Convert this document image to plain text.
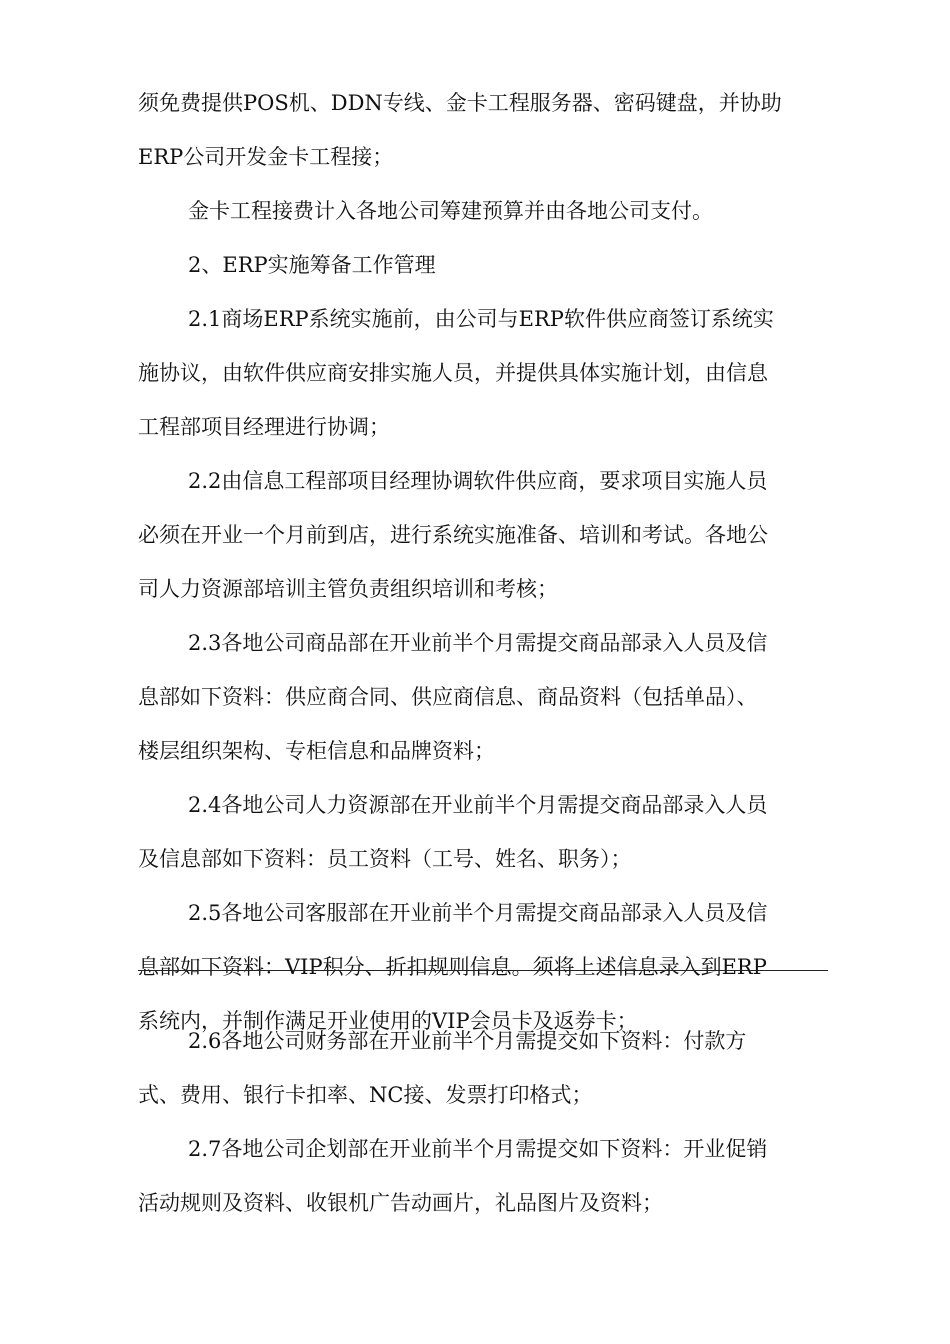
须免费提供POS机、DDN专线、金卡工程服务器、密码键盘，并协助
ERP公司开发金卡工程接；
金卡工程接费计入各地公司筹建预算并由各地公司支付。
2、ERP实施筹备工作管理
2.1商场ERP系统实施前，由公司与ERP软件供应商签订系统实
施协议，由软件供应商安排实施人员，并提供具体实施计划，由信息
工程部项目经理进行协调；
2.2由信息工程部项目经理协调软件供应商，要求项目实施人员
必须在开业一个月前到店，进行系统实施准备、培训和考试。各地公
司人力资源部培训主管负责组织培训和考核；
2.3各地公司商品部在开业前半个月需提交商品部录入人员及信
息部如下资料：供应商合同、供应商信息、商品资料（包括单品）、
楼层组织架构、专柜信息和品牌资料；
2.4各地公司人力资源部在开业前半个月需提交商品部录入人员
及信息部如下资料：员工资料（工号、姓名、职务）；
2.5各地公司客服部在开业前半个月需提交商品部录入人员及信
息部如下资料：VIP积分、折扣规则信息。须将上述信息录入到ERP
系统内，并制作满足开业使用的VIP会员卡及返券卡；
2.6各地公司财务部在开业前半个月需提交如下资料：付款方
式、费用、银行卡扣率、NC接、发票打印格式；
2.7各地公司企划部在开业前半个月需提交如下资料：开业促销
活动规则及资料、收银机广告动画片，礼品图片及资料；
